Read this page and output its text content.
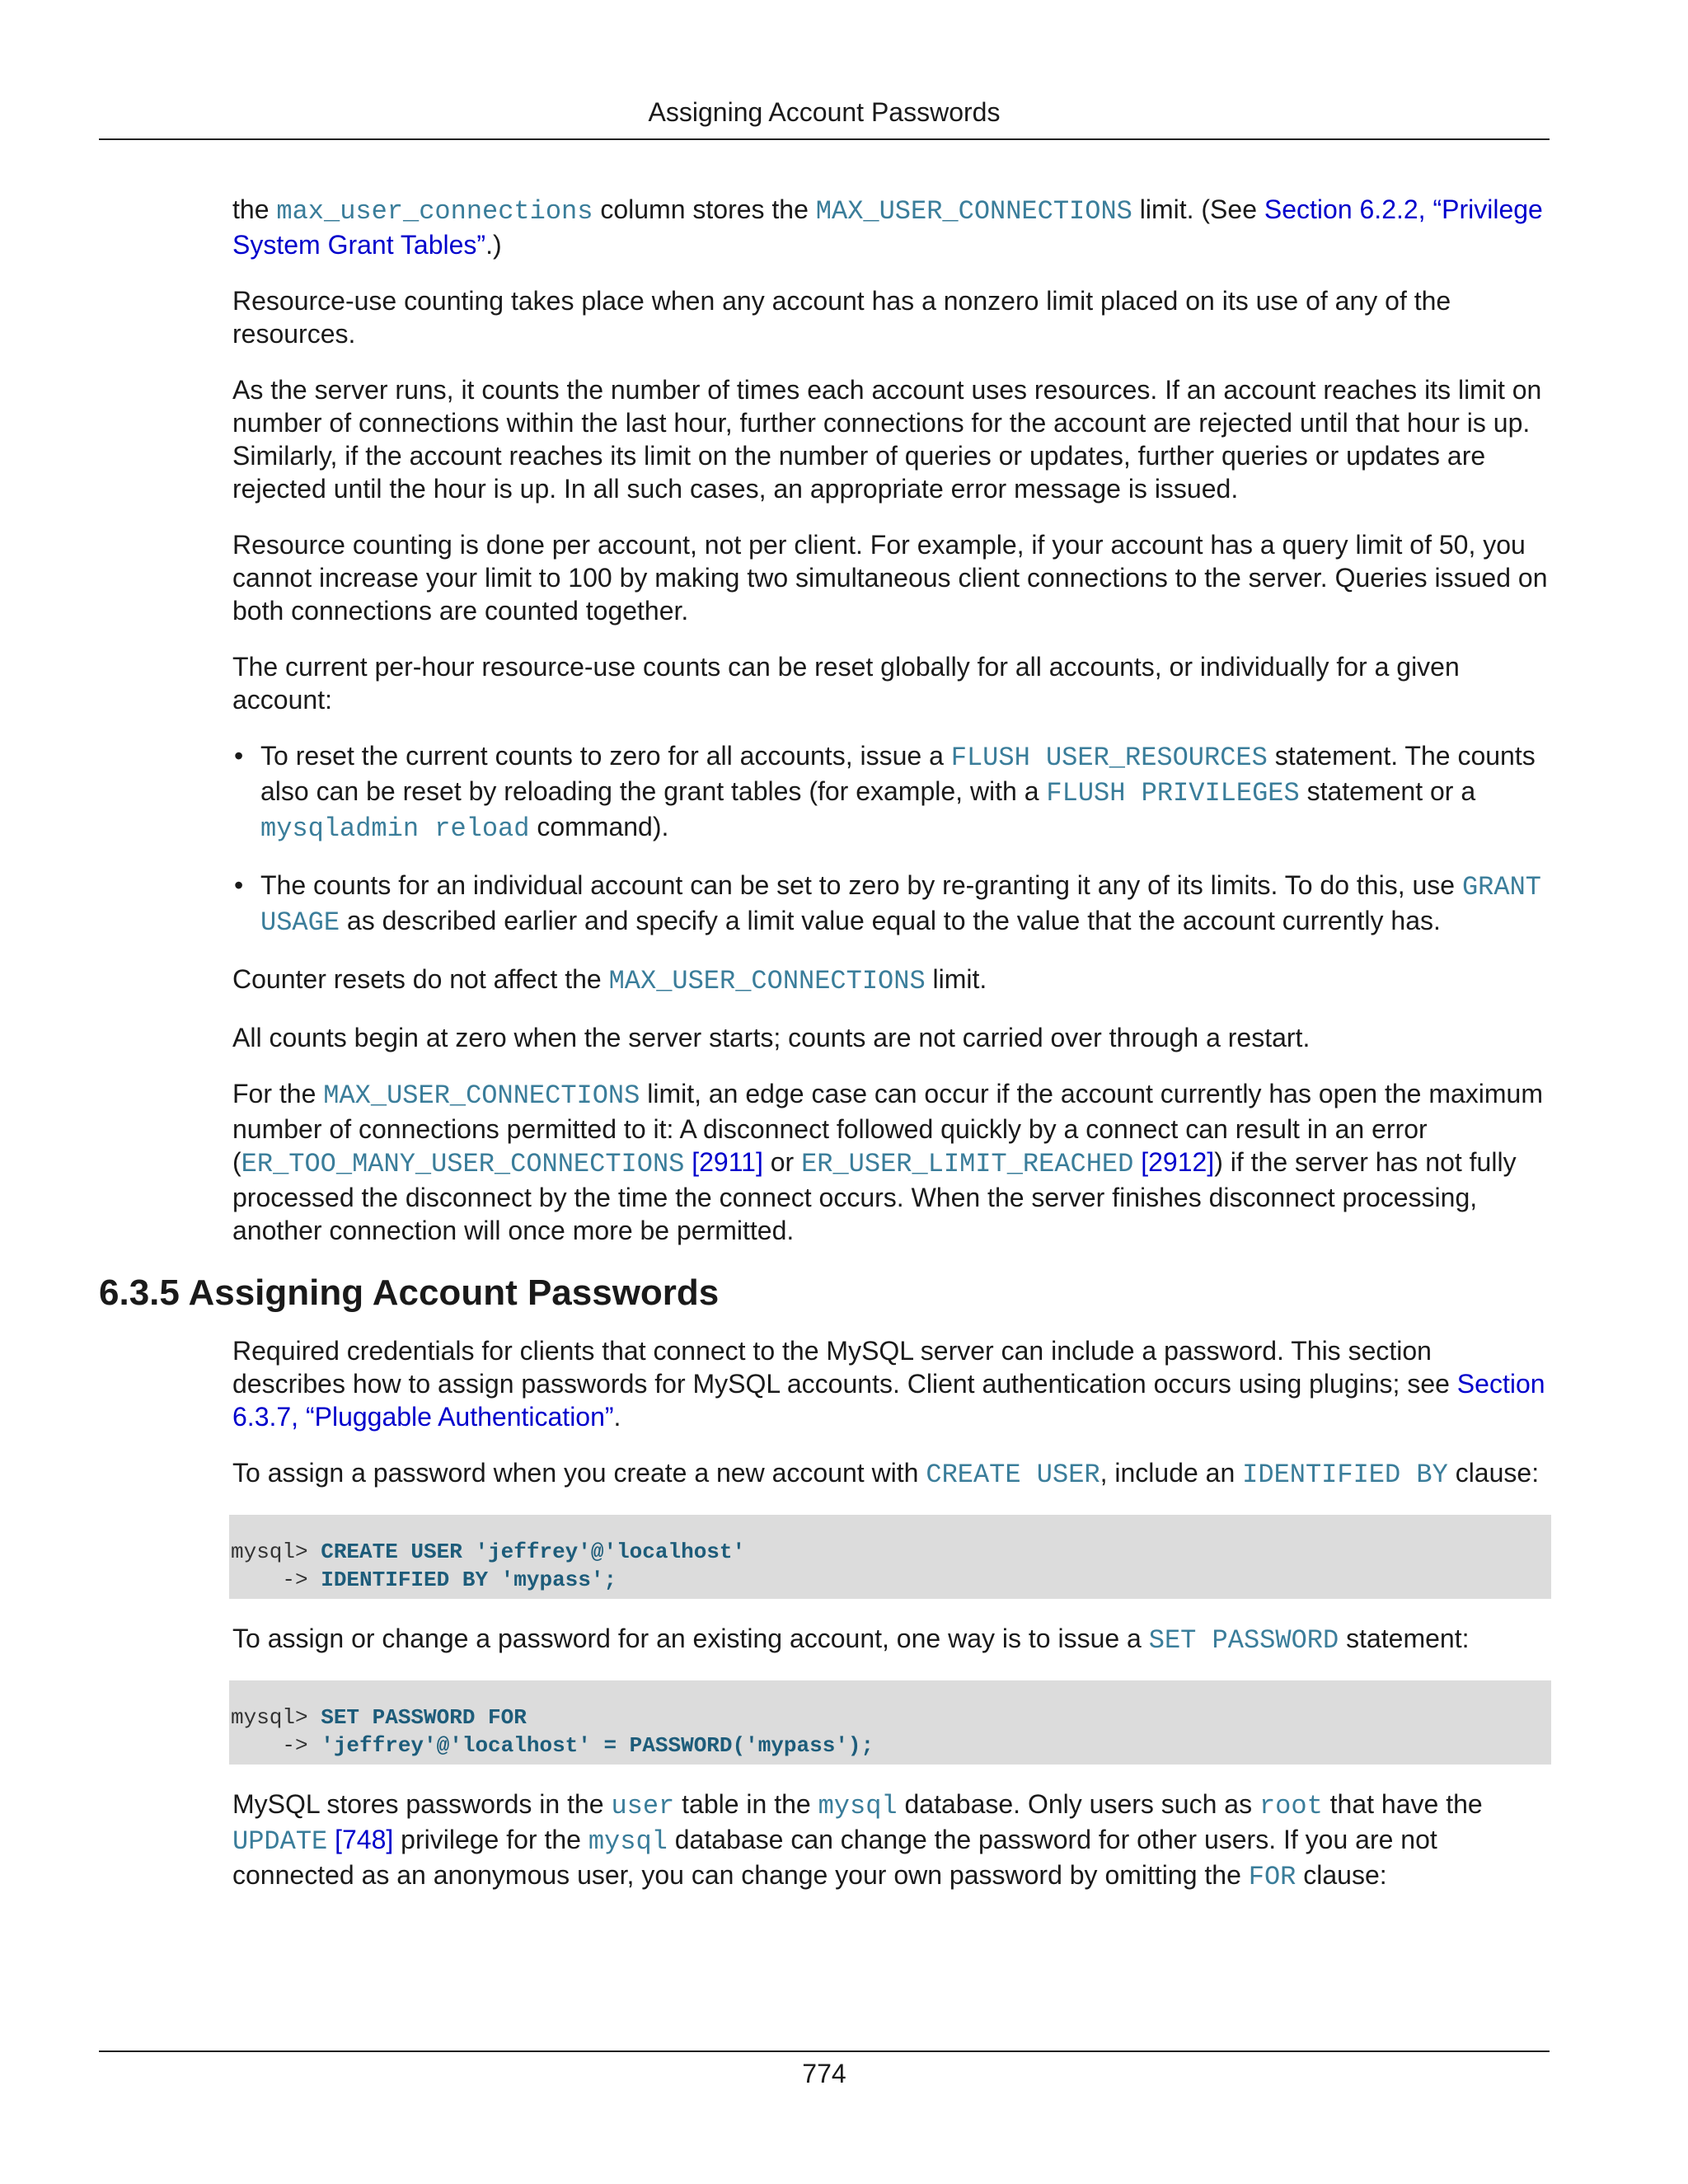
Assigning Account Passwords

the max_user_connections column stores the MAX_USER_CONNECTIONS limit. (See Section 6.2.2, “Privilege System Grant Tables”.)

Resource-use counting takes place when any account has a nonzero limit placed on its use of any of the resources.

As the server runs, it counts the number of times each account uses resources. If an account reaches its limit on number of connections within the last hour, further connections for the account are rejected until that hour is up. Similarly, if the account reaches its limit on the number of queries or updates, further queries or updates are rejected until the hour is up. In all such cases, an appropriate error message is issued.

Resource counting is done per account, not per client. For example, if your account has a query limit of 50, you cannot increase your limit to 100 by making two simultaneous client connections to the server. Queries issued on both connections are counted together.

The current per-hour resource-use counts can be reset globally for all accounts, or individually for a given account:

• To reset the current counts to zero for all accounts, issue a FLUSH USER_RESOURCES statement. The counts also can be reset by reloading the grant tables (for example, with a FLUSH PRIVILEGES statement or a mysqladmin reload command).
• The counts for an individual account can be set to zero by re-granting it any of its limits. To do this, use GRANT USAGE as described earlier and specify a limit value equal to the value that the account currently has.

Counter resets do not affect the MAX_USER_CONNECTIONS limit.

All counts begin at zero when the server starts; counts are not carried over through a restart.

For the MAX_USER_CONNECTIONS limit, an edge case can occur if the account currently has open the maximum number of connections permitted to it: A disconnect followed quickly by a connect can result in an error (ER_TOO_MANY_USER_CONNECTIONS [2911] or ER_USER_LIMIT_REACHED [2912]) if the server has not fully processed the disconnect by the time the connect occurs. When the server finishes disconnect processing, another connection will once more be permitted.

6.3.5 Assigning Account Passwords

Required credentials for clients that connect to the MySQL server can include a password. This section describes how to assign passwords for MySQL accounts. Client authentication occurs using plugins; see Section 6.3.7, “Pluggable Authentication”.

To assign a password when you create a new account with CREATE USER, include an IDENTIFIED BY clause:

mysql> CREATE USER 'jeffrey'@'localhost'
-> IDENTIFIED BY 'mypass';

To assign or change a password for an existing account, one way is to issue a SET PASSWORD statement:

mysql> SET PASSWORD FOR
-> 'jeffrey'@'localhost' = PASSWORD('mypass');

MySQL stores passwords in the user table in the mysql database. Only users such as root that have the UPDATE [748] privilege for the mysql database can change the password for other users. If you are not connected as an anonymous user, you can change your own password by omitting the FOR clause:

774
